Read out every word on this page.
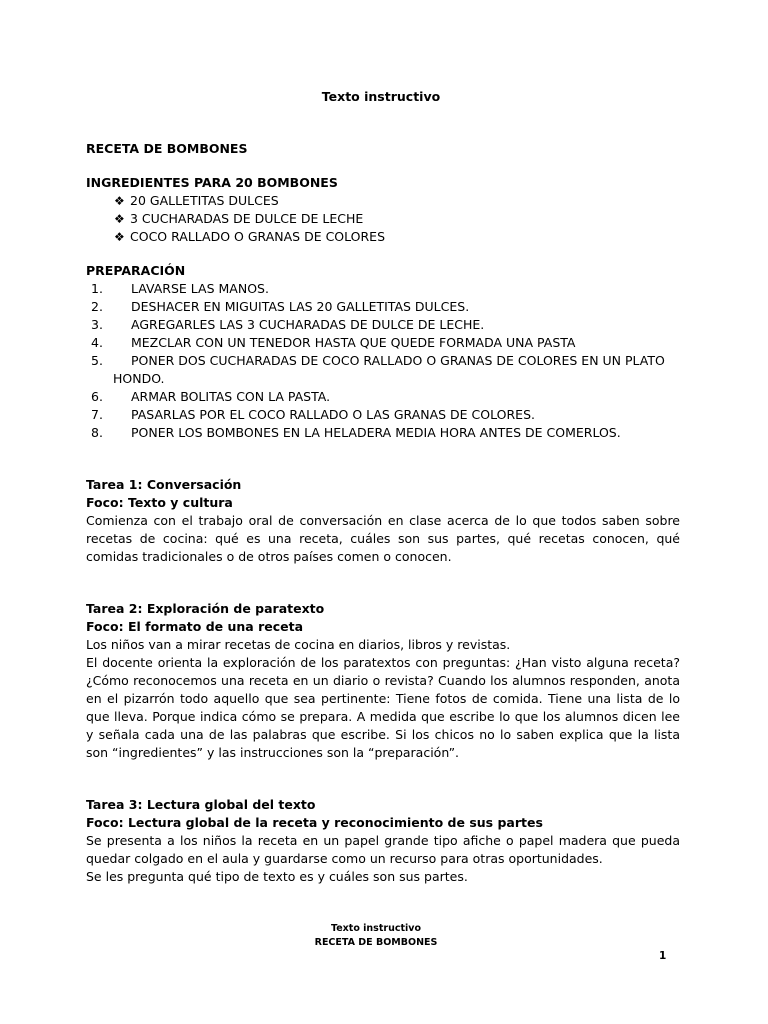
Texto instructivo
RECETA DE BOMBONES
INGREDIENTES PARA 20 BOMBONES
❖ 20 GALLETITAS DULCES
❖ 3 CUCHARADAS DE DULCE DE LECHE
❖ COCO RALLADO O GRANAS DE COLORES
PREPARACIÓN
1. LAVARSE LAS MANOS.
2. DESHACER EN MIGUITAS LAS 20 GALLETITAS DULCES.
3. AGREGARLES LAS 3 CUCHARADAS DE DULCE DE LECHE.
4. MEZCLAR CON UN TENEDOR HASTA QUE QUEDE FORMADA UNA PASTA
5. PONER DOS CUCHARADAS DE COCO RALLADO O GRANAS DE COLORES EN UN PLATO HONDO.
6. ARMAR BOLITAS CON LA PASTA.
7. PASARLAS POR EL COCO RALLADO O LAS GRANAS DE COLORES.
8. PONER LOS BOMBONES EN LA HELADERA MEDIA HORA ANTES DE COMERLOS.
Tarea 1: Conversación
Foco: Texto y cultura
Comienza con el trabajo oral de conversación en clase acerca de lo que todos saben sobre recetas de cocina: qué es una receta, cuáles son sus partes, qué recetas conocen, qué comidas tradicionales o de otros países comen o conocen.
Tarea 2: Exploración de paratexto
Foco: El formato de una receta
Los niños van a mirar recetas de cocina en diarios, libros y revistas.
El docente orienta la exploración de los paratextos con preguntas: ¿Han visto alguna receta? ¿Cómo reconocemos una receta en un diario o revista? Cuando los alumnos responden, anota en el pizarrón todo aquello que sea pertinente: Tiene fotos de comida. Tiene una lista de lo que lleva. Porque indica cómo se prepara. A medida que escribe lo que los alumnos dicen lee y señala cada una de las palabras que escribe. Si los chicos no lo saben explica que la lista son “ingredientes” y las instrucciones son la “preparación”.
Tarea 3: Lectura global del texto
Foco: Lectura global de la receta y reconocimiento de sus partes
Se presenta a los niños la receta en un papel grande tipo afiche o papel madera que pueda quedar colgado en el aula y guardarse como un recurso para otras oportunidades.
Se les pregunta qué tipo de texto es y cuáles son sus partes.
Texto instructivo
RECETA DE BOMBONES
1
